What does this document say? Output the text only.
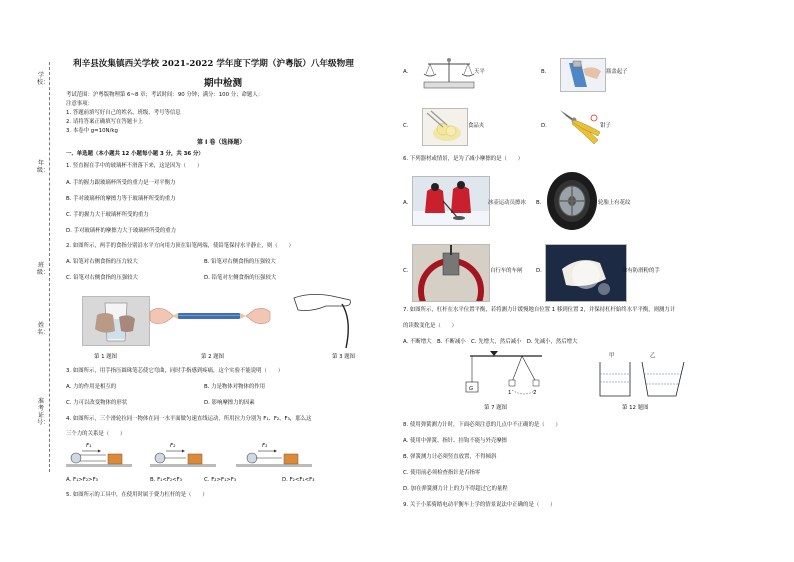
学校：
年级：
班级：
姓名：
准考证号：
利辛县汝集镇西关学校 2021-2022 学年度下学期（沪粤版）八年级物理
期中检测
考试范围：沪粤版物理第 6~8 章；考试时间：90 分钟；满分：100 分；命题人：
注意事项：
1. 答题前填写好自己的姓名、班级、考号等信息
2. 请将答案正确填写在答题卡上
3. 本卷中 g=10N/kg
第 I 卷（选择题）
一、单选题（本小题共 12 小题每小题 3 分，共 36 分）
1. 竖直握在手中的玻璃杯不滑落下来，这是因为（　　）
A. 手的握力跟玻璃杯所受的重力是一对平衡力
B. 手对玻璃杯的摩擦力等于玻璃杯所受的重力
C. 手的握力大于玻璃杯所受的重力
D. 手对玻璃杯的摩擦力大于玻璃杯所受的重力
2. 如图所示，两手的食指分别沿水平方向用力顶在铅笔两端，使铅笔保持水平静止，则（　　）
A. 铅笔对右侧食指的压力较大	B. 铅笔对右侧食指的压强较大
C. 铅笔对右侧食指的压强较大	D. 铅笔对左侧食指的压强较大
第 1 题图	第 2 题图	第 3 题图
3. 如图所示，用手指压圆珠笔芯使它弯曲，同时手指感到疼痛，这个实验不能说明（　　）
A. 力的作用是相互的	B. 力是物体对物体的作用
C. 力可以改变物体的形状	D. 影响摩擦力的因素
4. 如图所示，三个滑轮拉同一物体在同一水平面做匀速直线运动，所用拉力分别为 F₁、F₂、F₃，那么这
三个力的关系是（　　）
F₁	F₂	F₃
A. F₁>F₂>F₃	B. F₁<F₂<F₃	C. F₂>F₁>F₃	D. F₂<F₁<F₃
5. 如图所示的工具中，在使用时属于费力杠杆的是（　　）
A.	天平	B.	瓶盖起子
C.	食品夹	D.	钳子
6. 下列器材或情景，是为了减小摩擦的是（　　）
A.	冰壶运动员擦冰 B.	轮胎上有花纹
C.	自行车的车闸	D.	涂有防滑粉的手
7. 如图所示，杠杆在水平位置平衡，若将测力计缓慢地自位置 1 移到位置 2，并保持杠杆始终水平平衡，则测力计
的读数变化是（　　）
A. 不断增大　B. 不断减小　C. 先增大，然后减小　D. 先减小，然后增大
G
1	2
甲	乙
第 7 题图	第 12 题图
8. 使用弹簧测力计时，下面必须注意的几点中不正确的是（　　）
A. 使用中弹簧、指针、挂钩不能与外壳摩擦
B. 弹簧测力计必须竖直放置，不得倾斜
C. 使用前必须检查指针是否指零
D. 加在弹簧测力计上的力不得超过它的量程
9. 关于小莱骑踏电动平衡车上学的情景说法中正确的是（　　）
